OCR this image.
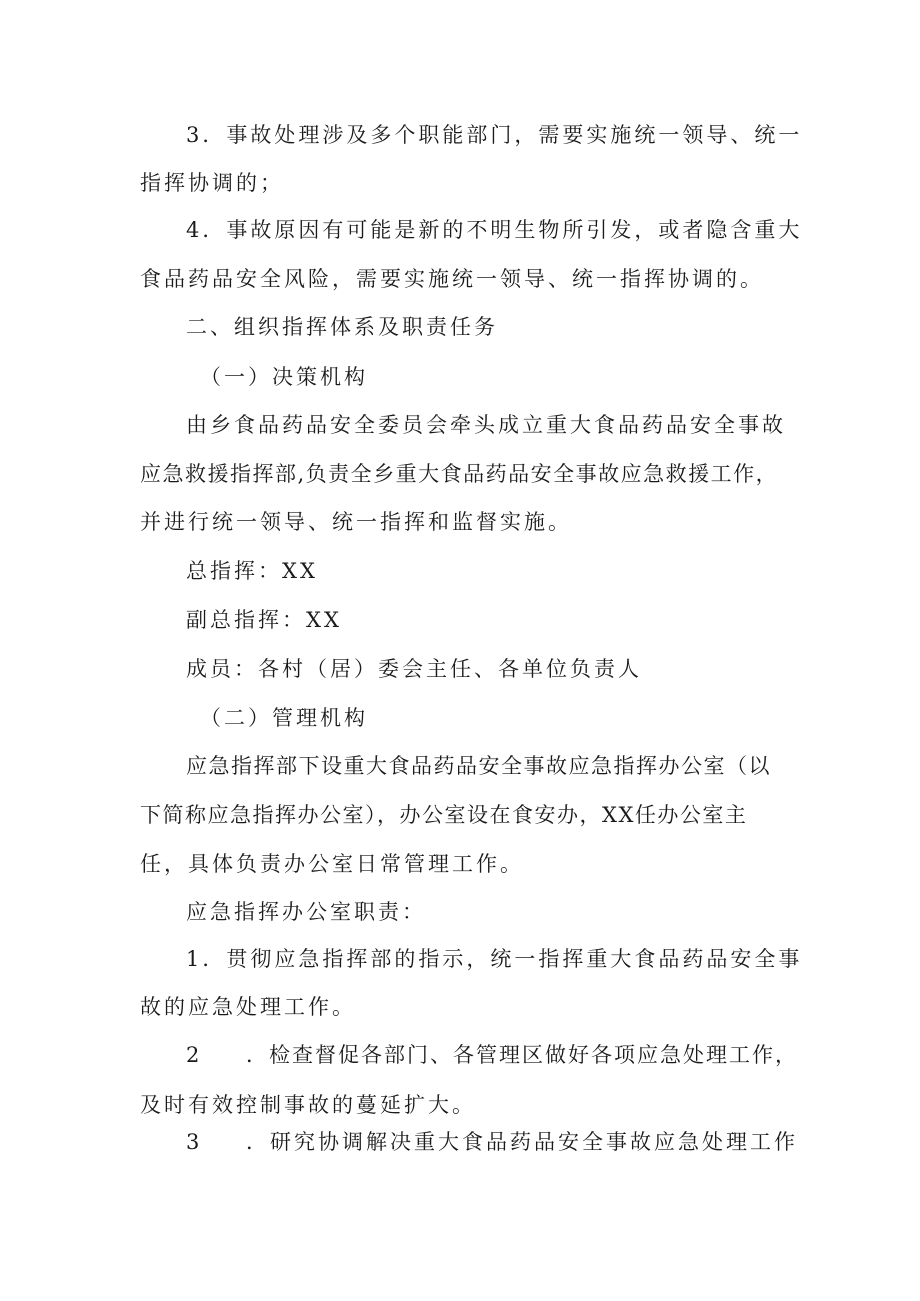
3．事故处理涉及多个职能部门，需要实施统一领导、统一
指挥协调的；
4．事故原因有可能是新的不明生物所引发，或者隐含重大
食品药品安全风险，需要实施统一领导、统一指挥协调的。
二、组织指挥体系及职责任务
（一）决策机构
由乡食品药品安全委员会牵头成立重大食品药品安全事故
应急救援指挥部,负责全乡重大食品药品安全事故应急救援工作，
并进行统一领导、统一指挥和监督实施。
总指挥：XX
副总指挥：XX
成员：各村（居）委会主任、各单位负责人
（二）管理机构
应急指挥部下设重大食品药品安全事故应急指挥办公室（以
下简称应急指挥办公室），办公室设在食安办，XX任办公室主
任，具体负责办公室日常管理工作。
应急指挥办公室职责：
1．贯彻应急指挥部的指示，统一指挥重大食品药品安全事
故的应急处理工作。
2 ．检查督促各部门、各管理区做好各项应急处理工作，
及时有效控制事故的蔓延扩大。
3 ．研究协调解决重大食品药品安全事故应急处理工作
